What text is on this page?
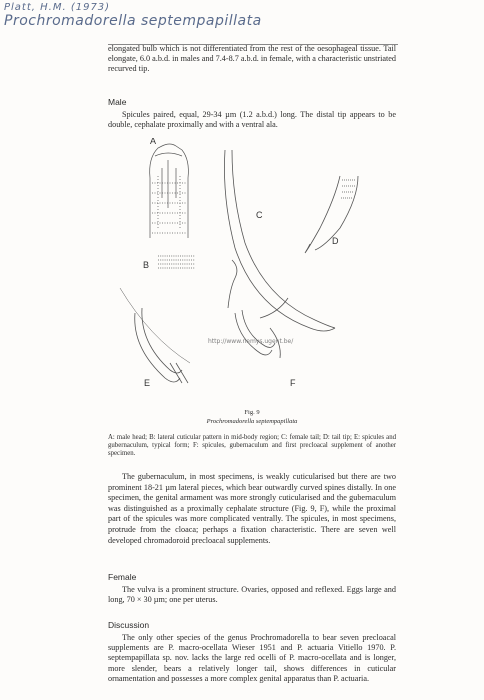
Platt, H.M. (1973)
Prochromadorella septempapillata

elongated bulb which is not differentiated from the rest of the oesophageal tissue. Tail elongate, 6.0 a.b.d. in males and 7.4-8.7 a.b.d. in female, with a characteristic unstriated recurved tip.

Male

Spicules paired, equal, 29-34 µm (1.2 a.b.d.) long. The distal tip appears to be double, cephalate proximally and with a ventral ala.

A
B
C
D
E	F
http://www.nemys.ugent.be/
Fig. 9
Prochromadorella septempapillata

A: male head; B: lateral cuticular pattern in mid-body region; C: female tail; D: tail tip; E: spicules and gubernaculum, typical form; F: spicules, gubernaculum and first precloacal supplement of another specimen.

The gubernaculum, in most specimens, is weakly cuticularised but there are two prominent 18-21 µm lateral pieces, which bear outwardly curved spines distally. In one specimen, the genital armament was more strongly cuticularised and the gubernaculum was distinguished as a proximally cephalate structure (Fig. 9, F), while the proximal part of the spicules was more complicated ventrally. The spicules, in most specimens, protrude from the cloaca; perhaps a fixation characteristic. There are seven well developed chromadoroid precloacal supplements.

Female

The vulva is a prominent structure. Ovaries, opposed and reflexed. Eggs large and long, 70 × 30 µm; one per uterus.

Discussion

The only other species of the genus Prochromadorella to bear seven precloacal supplements are P. macro-ocellata Wieser 1951 and P. actuaria Vitiello 1970. P. septempapillata sp. nov. lacks the large red ocelli of P. macro-ocellata and is longer, more slender, bears a relatively longer tail, shows differences in cuticular ornamentation and possesses a more complex genital apparatus than P. actuaria.
